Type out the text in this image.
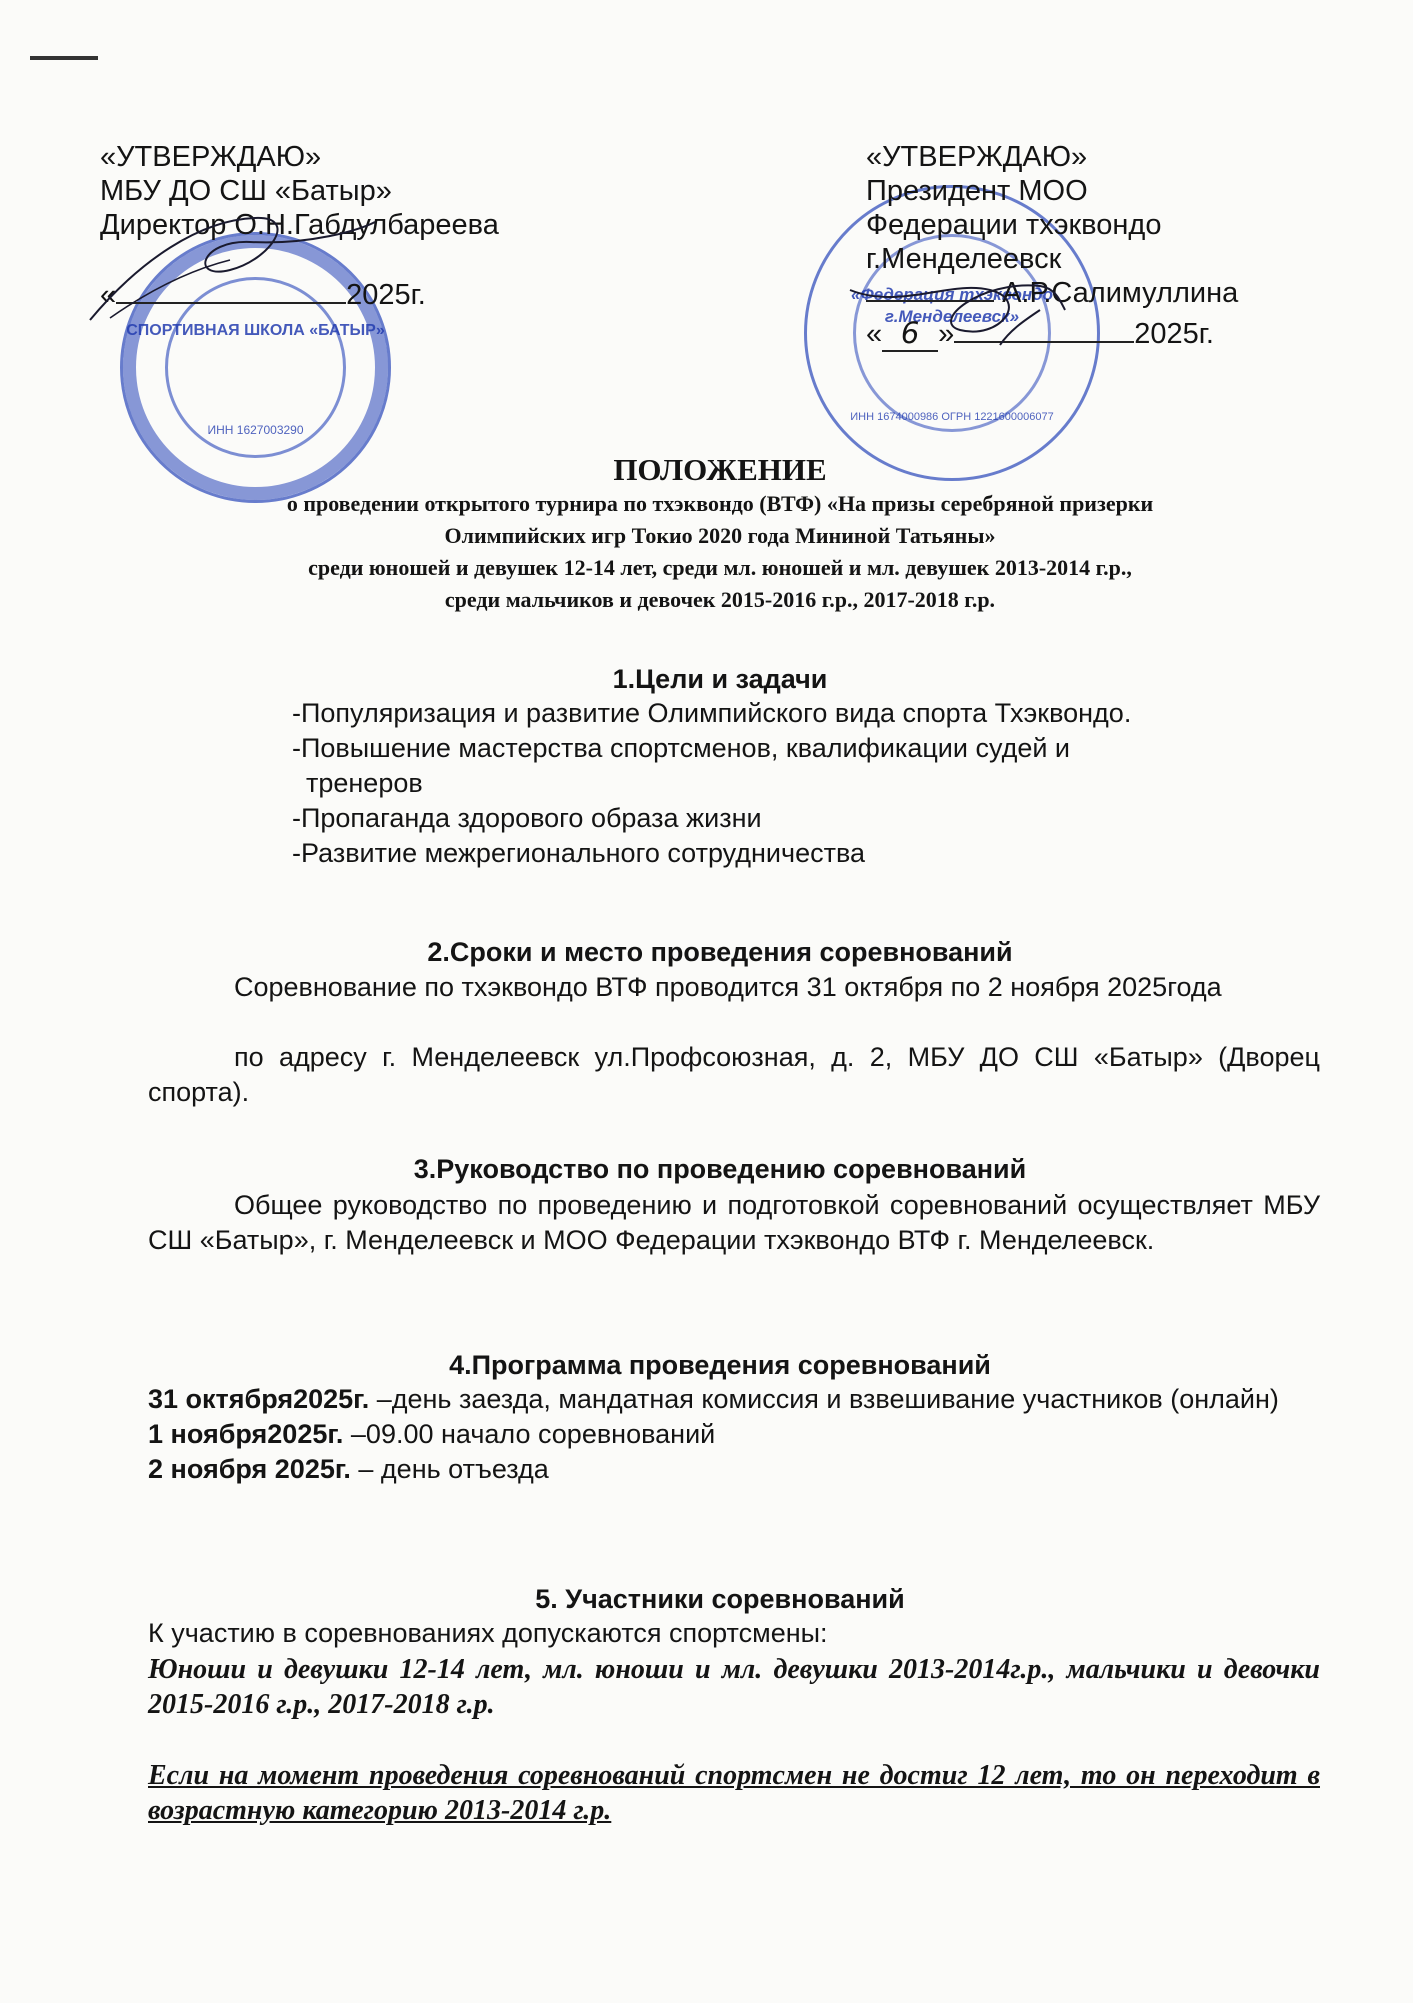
СПОРТИВНАЯ ШКОЛА «БАТЫР»
ИНН 1627003290
«Федерация тхэквондо г.Менделеевск»
ИНН 1674000986 ОГРН 1221600006077
«УТВЕРЖДАЮ»
МБУ ДО СШ «Батыр»
Директор О.Н.Габдулбареева
«	2025г.
«УТВЕРЖДАЮ»
Президент МОО
Федерации тхэквондо
г.Менделеевск
А.Р.Салимуллина
« 6 »	2025г.
ПОЛОЖЕНИЕ
о проведении открытого турнира по тхэквондо (ВТФ) «На призы серебряной призерки
Олимпийских игр Токио 2020 года Мининой Татьяны»
среди юношей и девушек 12-14 лет, среди мл. юношей и мл. девушек 2013-2014 г.р.,
среди мальчиков и девочек 2015-2016 г.р., 2017-2018 г.р.
1.Цели и задачи
-Популяризация и развитие Олимпийского вида спорта Тхэквондо.
-Повышение мастерства спортсменов, квалификации судей и
тренеров
-Пропаганда здорового образа жизни
-Развитие межрегионального сотрудничества
2.Сроки и место проведения соревнований
Соревнование по тхэквондо ВТФ проводится 31 октября по 2 ноября 2025года
по адресу г. Менделеевск ул.Профсоюзная, д. 2, МБУ ДО СШ «Батыр» (Дворец спорта).
3.Руководство по проведению соревнований
Общее руководство по проведению и подготовкой соревнований осуществляет МБУ СШ «Батыр», г. Менделеевск и МОО Федерации тхэквондо ВТФ г. Менделеевск.
4.Программа проведения соревнований
31 октября2025г. –день заезда, мандатная комиссия и взвешивание участников (онлайн)
1 ноября2025г. –09.00 начало соревнований
2 ноября 2025г. – день отъезда
5. Участники соревнований
К участию в соревнованиях допускаются спортсмены:
Юноши и девушки 12-14 лет, мл. юноши и мл. девушки 2013-2014г.р., мальчики и девочки 2015-2016 г.р., 2017-2018 г.р.
Если на момент проведения соревнований спортсмен не достиг 12 лет, то он переходит в возрастную категорию 2013-2014 г.р.
